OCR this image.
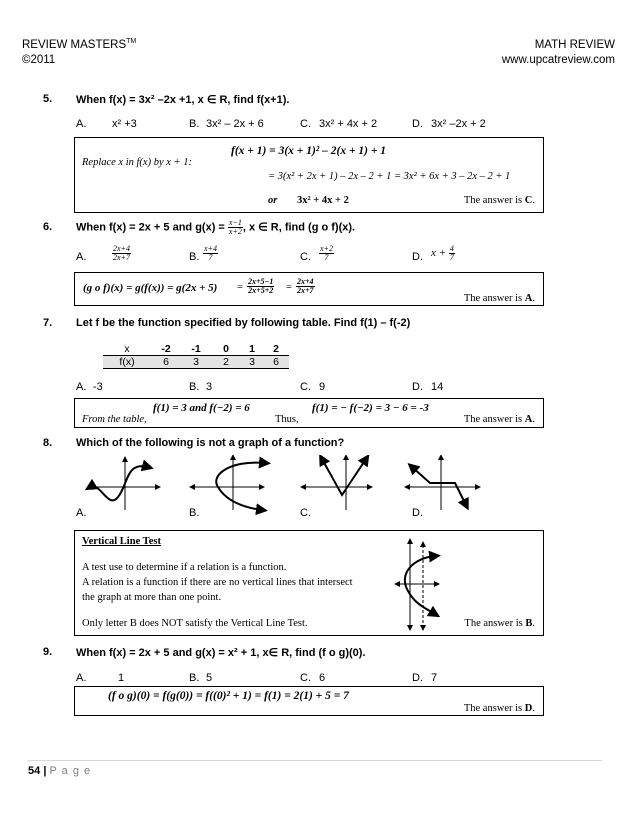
REVIEW MASTERS™
©2011
MATH REVIEW
www.upcatreview.com
5. When f(x) = 3x² –2x +1, x ∈ R, find f(x+1).
A. x² +3	B. 3x² – 2x + 6	C. 3x² + 4x + 2	D. 3x² –2x + 2
f(x + 1) = 3(x + 1)² – 2(x + 1) + 1
Replace x in f(x) by x + 1:
= 3(x² + 2x + 1) – 2x – 2 + 1 = 3x² + 6x + 3 – 2x – 2 + 1
or 3x² + 4x + 2	The answer is C.
6. When f(x) = 2x + 5 and $g(x) = \frac{x-1}{x+2}$ , x ∈ R, find (g o f)(x).
A.	$\frac{2x+4}{2x+7}$	B. $\frac{x+4}{7}$	C. $\frac{x+2}{7}$	D. $x + \frac{4}{7}$
(g o $f)(x) = g(f(x)) = g(2x + 5) = \frac{2x+5-1}{2x+5+2} = \frac{2x+4}{2x+7}$
The answer is A.
7. Let f be the function specified by following table. Find f(1) – f(-2)
x	-2	-1	0	1	2
f(x)	6	3	2	3	6
A. -3	B. 3	C. 9	D. 14
f(1) = 3 and f(−2) = 6	f(1) = − f(−2) = 3 − 6 = -3
From the table,	Thus,	The answer is A.
8. Which of the following is not a graph of a function?
A.	B.	C.	D.
Vertical Line Test
A test use to determine if a relation is a function.
A relation is a function if there are no vertical lines that intersect
the graph at more than one point.
Only letter B does NOT satisfy the Vertical Line Test.	The answer is B.
9. When f(x) = 2x + 5 and g(x) = x² + 1, x∈ R, find (f o g)(0).
A.	1	B. 5	C. 6	D. 7
(f o g)(0) = f(g(0)) = f((0)² + 1) = f(1) = 2(1) + 5 = 7
The answer is D.
54 | P a g e
